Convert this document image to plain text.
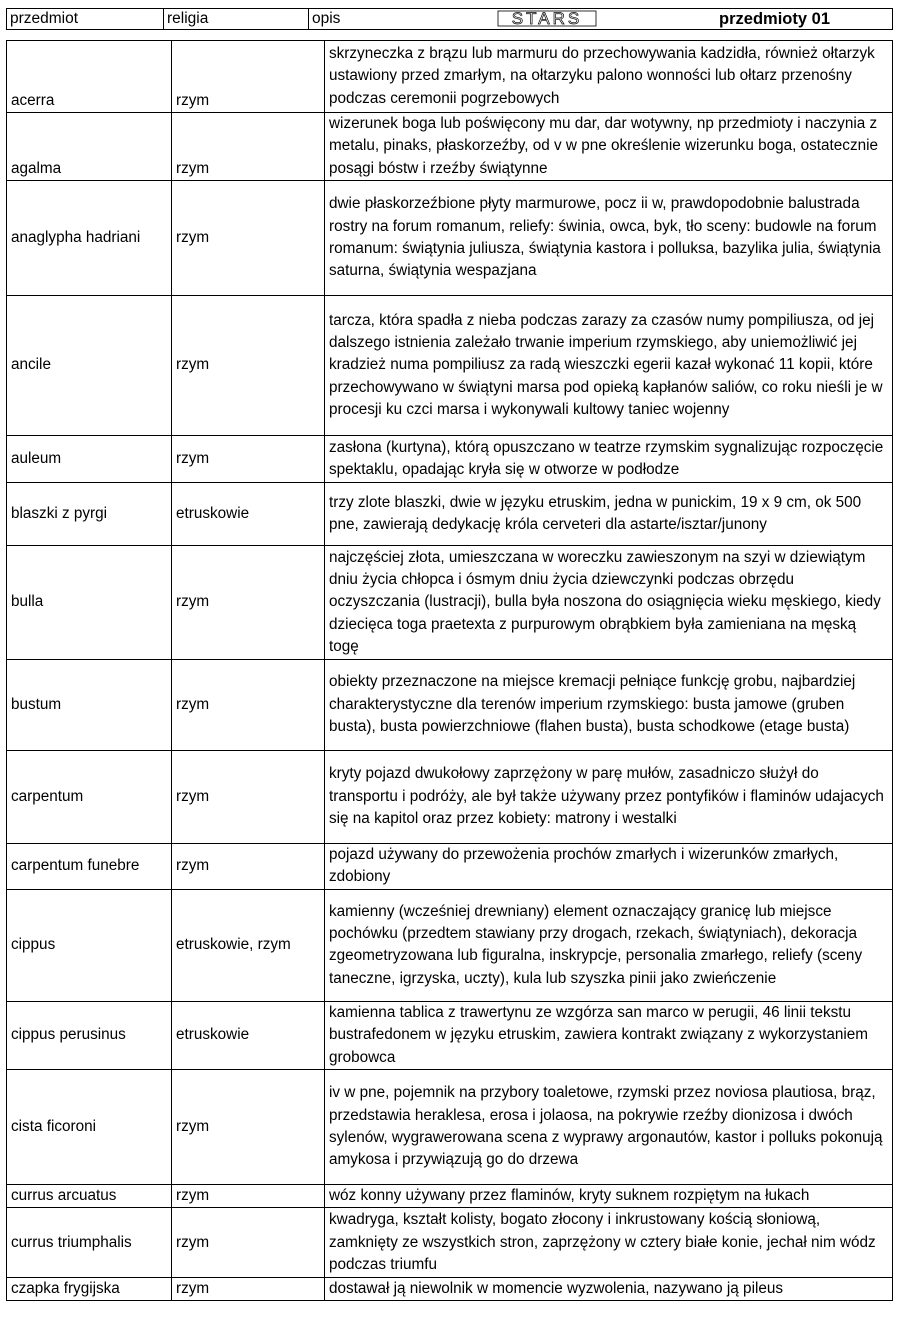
przedmiot	religia	opis	STARS	przedmioty 01
acerra	rzym	skrzyneczka z brązu lub marmuru do przechowywania kadzidła, również ołtarzyk ustawiony przed zmarłym, na ołtarzyku palono wonności lub ołtarz przenośny podczas ceremonii pogrzebowych
agalma	rzym	wizerunek boga lub poświęcony mu dar, dar wotywny, np przedmioty i naczynia z metalu, pinaks, płaskorzeźby, od v w pne określenie wizerunku boga, ostatecznie posągi bóstw i rzeźby świątynne
anaglypha hadriani	rzym	dwie płaskorzeźbione płyty marmurowe, pocz ii w, prawdopodobnie balustrada rostry na forum romanum, reliefy: świnia, owca, byk, tło sceny: budowle na forum romanum: świątynia juliusza, świątynia kastora i polluksa, bazylika julia, świątynia saturna, świątynia wespazjana
ancile	rzym	tarcza, która spadła z nieba podczas zarazy za czasów numy pompiliusza, od jej dalszego istnienia zależało trwanie imperium rzymskiego, aby uniemożliwić jej kradzież numa pompiliusz za radą wieszczki egerii kazał wykonać 11 kopii, które przechowywano w świątyni marsa pod opieką kapłanów saliów, co roku nieśli je w procesji ku czci marsa i wykonywali kultowy taniec wojenny
auleum	rzym	zasłona (kurtyna), którą opuszczano w teatrze rzymskim sygnalizując rozpoczęcie spektaklu, opadając kryła się w otworze w podłodze
blaszki z pyrgi	etruskowie	trzy zlote blaszki, dwie w języku etruskim, jedna w punickim, 19 x 9 cm, ok 500 pne, zawierają dedykację króla cerveteri dla astarte/isztar/junony
bulla	rzym	najczęściej złota, umieszczana w woreczku zawieszonym na szyi w dziewiątym dniu życia chłopca i ósmym dniu życia dziewczynki podczas obrzędu oczyszczania (lustracji), bulla była noszona do osiągnięcia wieku męskiego, kiedy dziecięca toga praetexta z purpurowym obrąbkiem była zamieniana na męską togę
bustum	rzym	obiekty przeznaczone na miejsce kremacji pełniące funkcję grobu, najbardziej charakterystyczne dla terenów imperium rzymskiego: busta jamowe (gruben busta), busta powierzchniowe (flahen busta), busta schodkowe (etage busta)
carpentum	rzym	kryty pojazd dwukołowy zaprzężony w parę mułów, zasadniczo służył do transportu i podróży, ale był także używany przez pontyfików i flaminów udajacych się na kapitol oraz przez kobiety: matrony i westalki
carpentum funebre	rzym	pojazd używany do przewożenia prochów zmarłych i wizerunków zmarłych, zdobiony
cippus	etruskowie, rzym	kamienny (wcześniej drewniany) element oznaczający granicę lub miejsce pochówku (przedtem stawiany przy drogach, rzekach, świątyniach), dekoracja zgeometryzowana lub figuralna, inskrypcje, personalia zmarłego, reliefy (sceny taneczne, igrzyska, uczty), kula lub szyszka pinii jako zwieńczenie
cippus perusinus	etruskowie	kamienna tablica z trawertynu ze wzgórza san marco w perugii, 46 linii tekstu bustrafedonem w języku etruskim, zawiera kontrakt związany z wykorzystaniem grobowca
cista ficoroni	rzym	iv w pne, pojemnik na przybory toaletowe, rzymski przez noviosa plautiosa, brąz, przedstawia heraklesa, erosa i jolaosa, na pokrywie rzeźby dionizosa i dwóch sylenów, wygrawerowana scena z wyprawy argonautów, kastor i polluks pokonują amykosa i przywiązują go do drzewa
currus arcuatus	rzym	wóz konny używany przez flaminów, kryty suknem rozpiętym na łukach
currus triumphalis	rzym	kwadryga, kształt kolisty, bogato złocony i inkrustowany kością słoniową, zamknięty ze wszystkich stron, zaprzężony w cztery białe konie, jechał nim wódz podczas triumfu
czapka frygijska	rzym	dostawał ją niewolnik w momencie wyzwolenia, nazywano ją pileus
